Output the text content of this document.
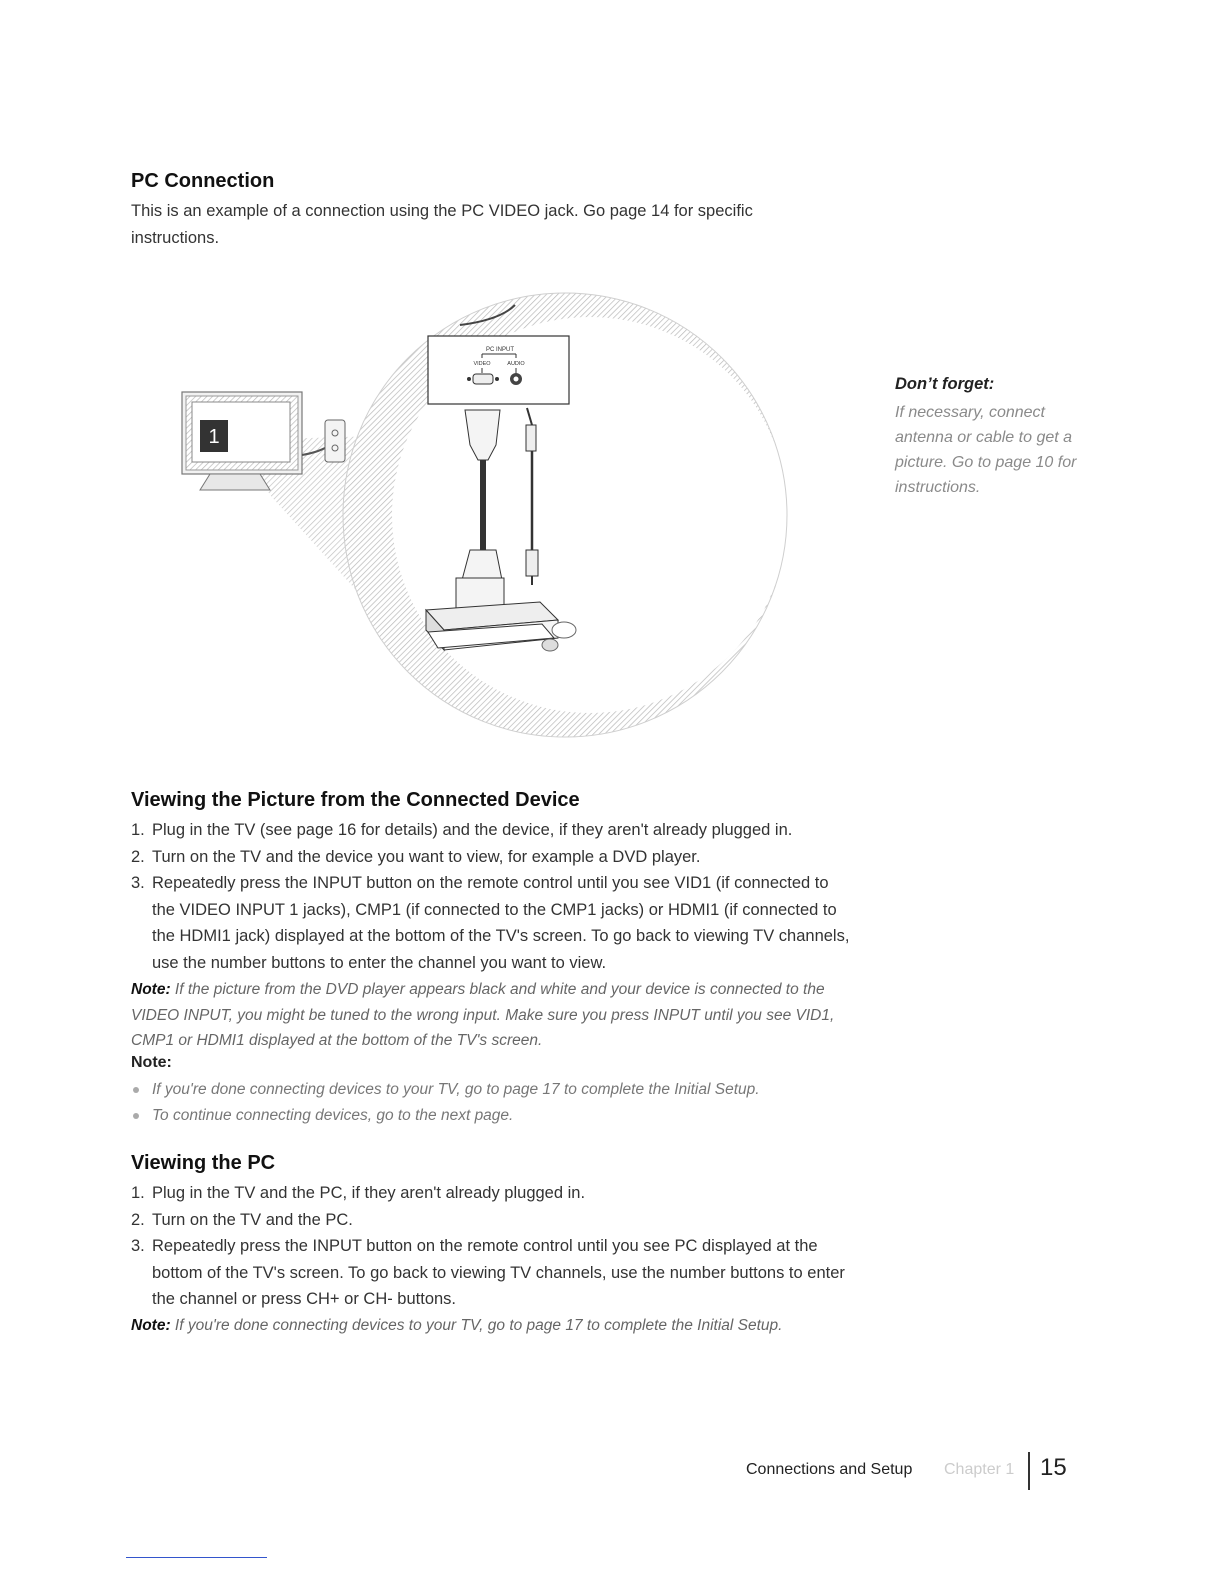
PC Connection
This is an example of a connection using the PC VIDEO jack. Go page 14 for specific instructions.
1
PC INPUT
VIDEO	AUDIO
Don’t forget:
If necessary, connect antenna or cable to get a picture. Go to page 10 for instructions.
Viewing the Picture from the Connected Device
1. Plug in the TV (see page 16 for details) and the device, if they aren't already plugged in.
2. Turn on the TV and the device you want to view, for example a DVD player.
3. Repeatedly press the INPUT button on the remote control until you see VID1 (if connected to the VIDEO INPUT 1 jacks), CMP1 (if connected to the CMP1 jacks) or HDMI1 (if connected to the HDMI1 jack) displayed at the bottom of the TV's screen. To go back to viewing TV channels, use the number buttons to enter the channel you want to view.
Note: If the picture from the DVD player appears black and white and your device is connected to the VIDEO INPUT, you might be tuned to the wrong input. Make sure you press INPUT until you see VID1, CMP1 or HDMI1 displayed at the bottom of the TV's screen.
Note:
If you're done connecting devices to your TV, go to page 17 to complete the Initial Setup.
To continue connecting devices, go to the next page.
Viewing the PC
1. Plug in the TV and the PC, if they aren't already plugged in.
2. Turn on the TV and the PC.
3. Repeatedly press the INPUT button on the remote control until you see PC displayed at the bottom of the TV's screen. To go back to viewing TV channels, use the number buttons to enter the channel or press CH+ or CH- buttons.
Note: If you're done connecting devices to your TV, go to page 17 to complete the Initial Setup.
Connections and Setup Chapter 1 15
